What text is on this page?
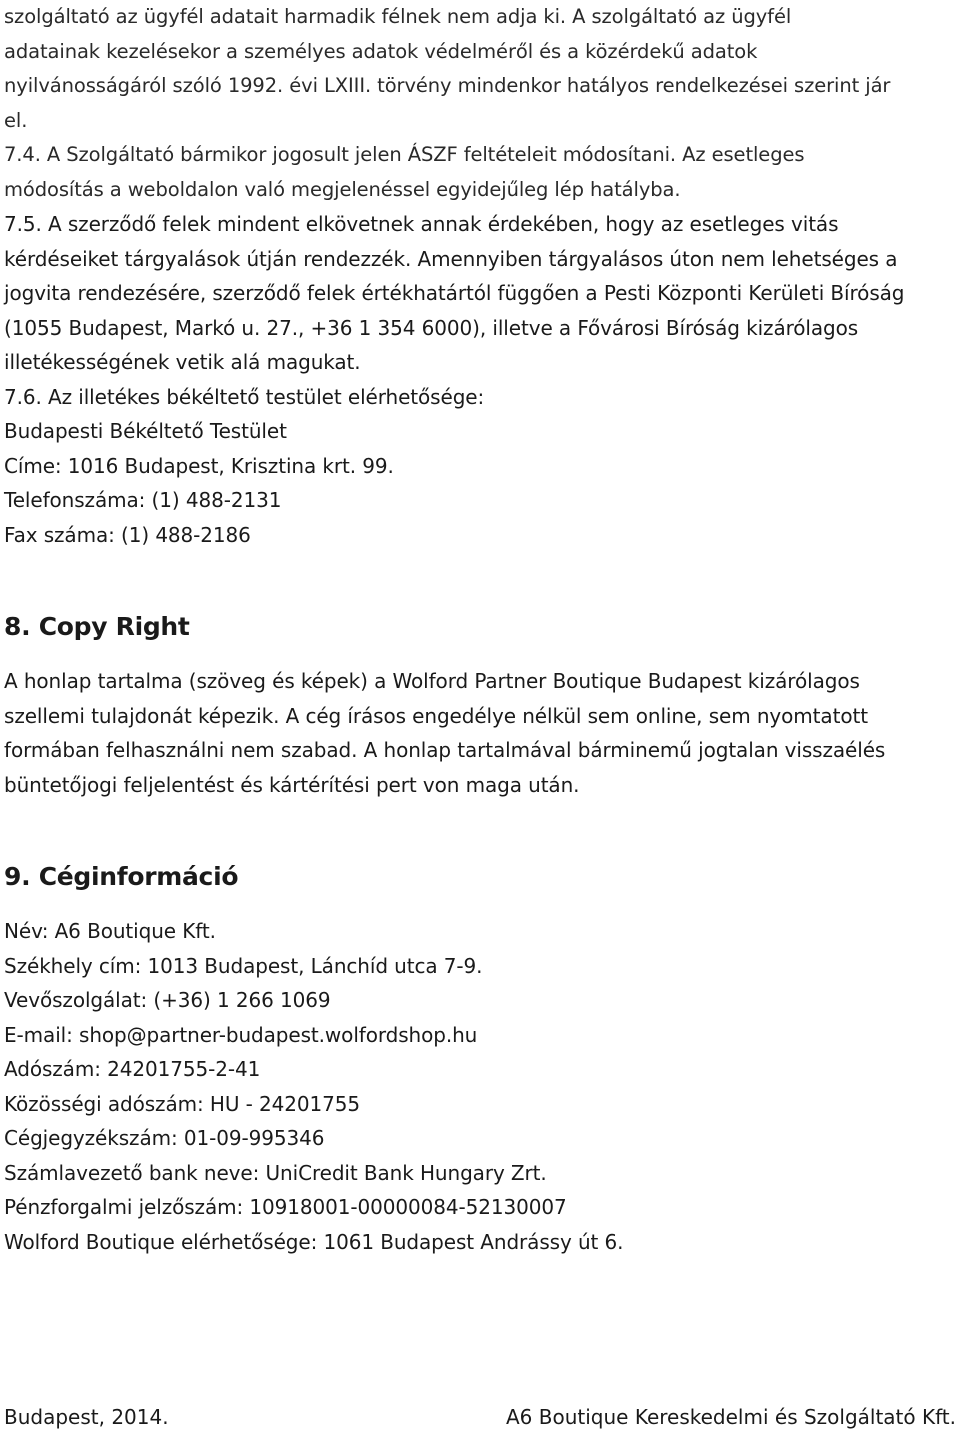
szolgáltató az ügyfél adatait harmadik félnek nem adja ki. A szolgáltató az ügyfél
adatainak kezelésekor a személyes adatok védelméről és a közérdekű adatok
nyilvánosságáról szóló 1992. évi LXIII. törvény mindenkor hatályos rendelkezései szerint jár
el.
7.4. A Szolgáltató bármikor jogosult jelen ÁSZF feltételeit módosítani. Az esetleges
módosítás a weboldalon való megjelenéssel egyidejűleg lép hatályba.
7.5. A szerződő felek mindent elkövetnek annak érdekében, hogy az esetleges vitás
kérdéseiket tárgyalások útján rendezzék. Amennyiben tárgyalásos úton nem lehetséges a
jogvita rendezésére, szerződő felek értékhatártól függően a Pesti Központi Kerületi Bíróság
(1055 Budapest, Markó u. 27., +36 1 354 6000), illetve a Fővárosi Bíróság kizárólagos
illetékességének vetik alá magukat.
7.6. Az illetékes békéltető testület elérhetősége:
Budapesti Békéltető Testület
Címe: 1016 Budapest, Krisztina krt. 99.
Telefonszáma: (1) 488-2131
Fax száma: (1) 488-2186
8. Copy Right
A honlap tartalma (szöveg és képek) a Wolford Partner Boutique Budapest kizárólagos
szellemi tulajdonát képezik. A cég írásos engedélye nélkül sem online, sem nyomtatott
formában felhasználni nem szabad. A honlap tartalmával bárminemű jogtalan visszaélés
büntetőjogi feljelentést és kártérítési pert von maga után.
9. Céginformáció
Név: A6 Boutique Kft.
Székhely cím: 1013 Budapest, Lánchíd utca 7-9.
Vevőszolgálat: (+36) 1 266 1069
E-mail: shop@partner-budapest.wolfordshop.hu
Adószám: 24201755-2-41
Közösségi adószám: HU - 24201755
Cégjegyzékszám: 01-09-995346
Számlavezető bank neve: UniCredit Bank Hungary Zrt.
Pénzforgalmi jelzőszám: 10918001-00000084-52130007
Wolford Boutique elérhetősége: 1061 Budapest Andrássy út 6.
Budapest, 2014.	A6 Boutique Kereskedelmi és Szolgáltató Kft.
